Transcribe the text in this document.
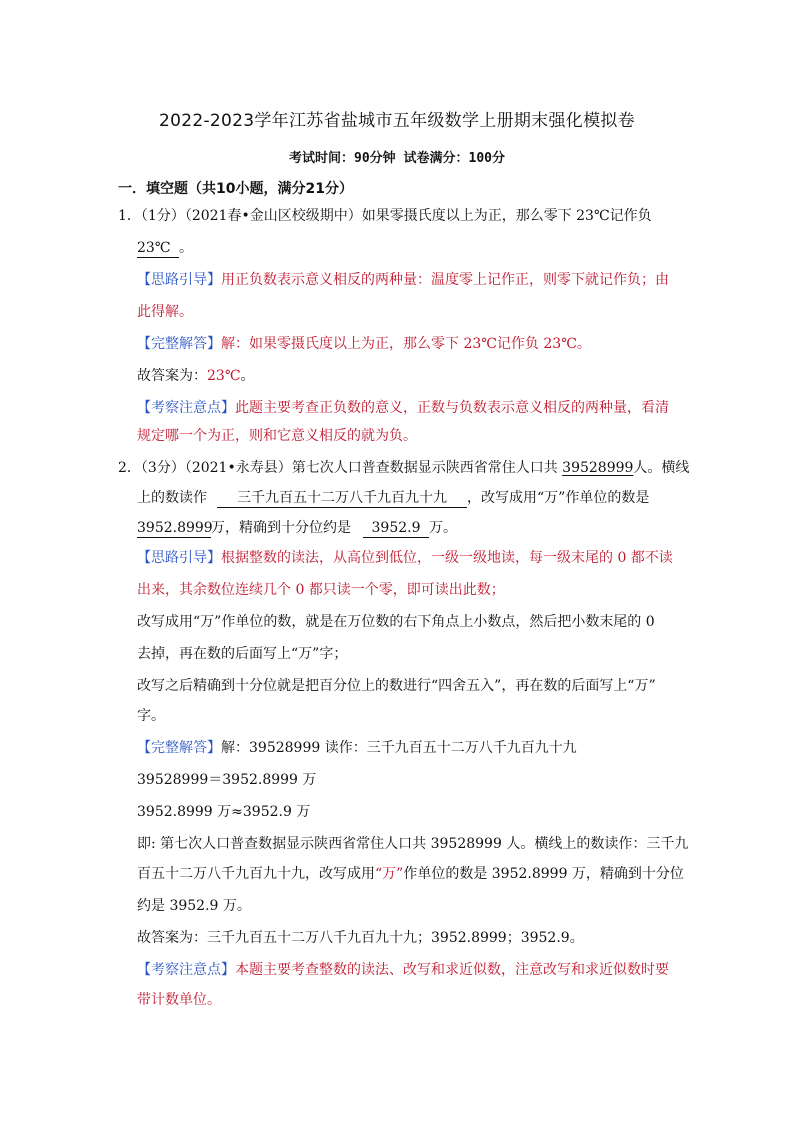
2022-2023学年江苏省盐城市五年级数学上册期末强化模拟卷
考试时间：90分钟 试卷满分：100分
一．填空题（共10小题，满分21分）
1．（1分）（2021春•金山区校级期中）如果零摄氏度以上为正，那么零下 23℃记作负
23℃ 。
【思路引导】用正负数表示意义相反的两种量：温度零上记作正，则零下就记作负；由
此得解。
【完整解答】解：如果零摄氏度以上为正，那么零下 23℃记作负 23℃。
故答案为：23℃。
【考察注意点】此题主要考查正负数的意义，正数与负数表示意义相反的两种量，看清
规定哪一个为正，则和它意义相反的就为负。
2．（3分）（2021•永寿县）第七次人口普查数据显示陕西省常住人口共 39528999人。横线
上的数读作 三千九百五十二万八千九百九十九 ，改写成用“万”作单位的数是
3952.8999万，精确到十分位约是 3952.9 万。
【思路引导】根据整数的读法，从高位到低位，一级一级地读，每一级末尾的 0 都不读
出来，其余数位连续几个 0 都只读一个零，即可读出此数；
改写成用“万”作单位的数，就是在万位数的右下角点上小数点，然后把小数末尾的 0
去掉，再在数的后面写上“万”字；
改写之后精确到十分位就是把百分位上的数进行“四舍五入”，再在数的后面写上“万”
字。
【完整解答】解：39528999 读作：三千九百五十二万八千九百九十九
39528999＝3952.8999 万
3952.8999 万≈3952.9 万
即: 第七次人口普查数据显示陕西省常住人口共 39528999 人。横线上的数读作：三千九
百五十二万八千九百九十九，改写成用“万”作单位的数是 3952.8999 万，精确到十分位
约是 3952.9 万。
故答案为：三千九百五十二万八千九百九十九；3952.8999；3952.9。
【考察注意点】本题主要考查整数的读法、改写和求近似数，注意改写和求近似数时要
带计数单位。
